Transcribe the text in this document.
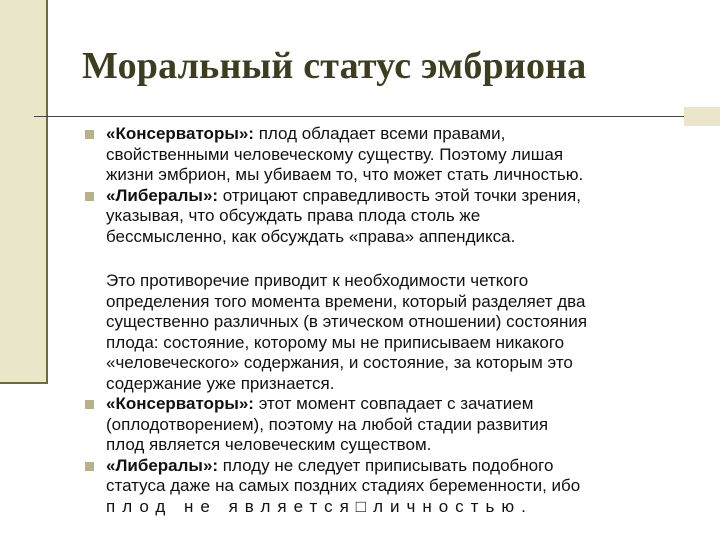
Моральный статус эмбриона
«Консерваторы»: плод обладает всеми правами,
свойственными человеческому существу. Поэтому лишая
жизни эмбрион, мы убиваем то, что может стать личностью.
«Либералы»: отрицают справедливость этой точки зрения,
указывая, что обсуждать права плода столь же
бессмысленно, как обсуждать «права» аппендикса.
Это противоречие приводит к необходимости четкого
определения того момента времени, который разделяет два
существенно различных (в этическом отношении) состояния
плода: состояние, которому мы не приписываем никакого
«человеческого» содержания, и состояние, за которым это
содержание уже признается.
«Консерваторы»: этот момент совпадает с зачатием
(оплодотворением), поэтому на любой стадии развития
плод является человеческим существом.
«Либералы»: плоду не следует приписывать подобного
статуса даже на самых поздних стадиях беременности, ибо
плод не является□личностью.
